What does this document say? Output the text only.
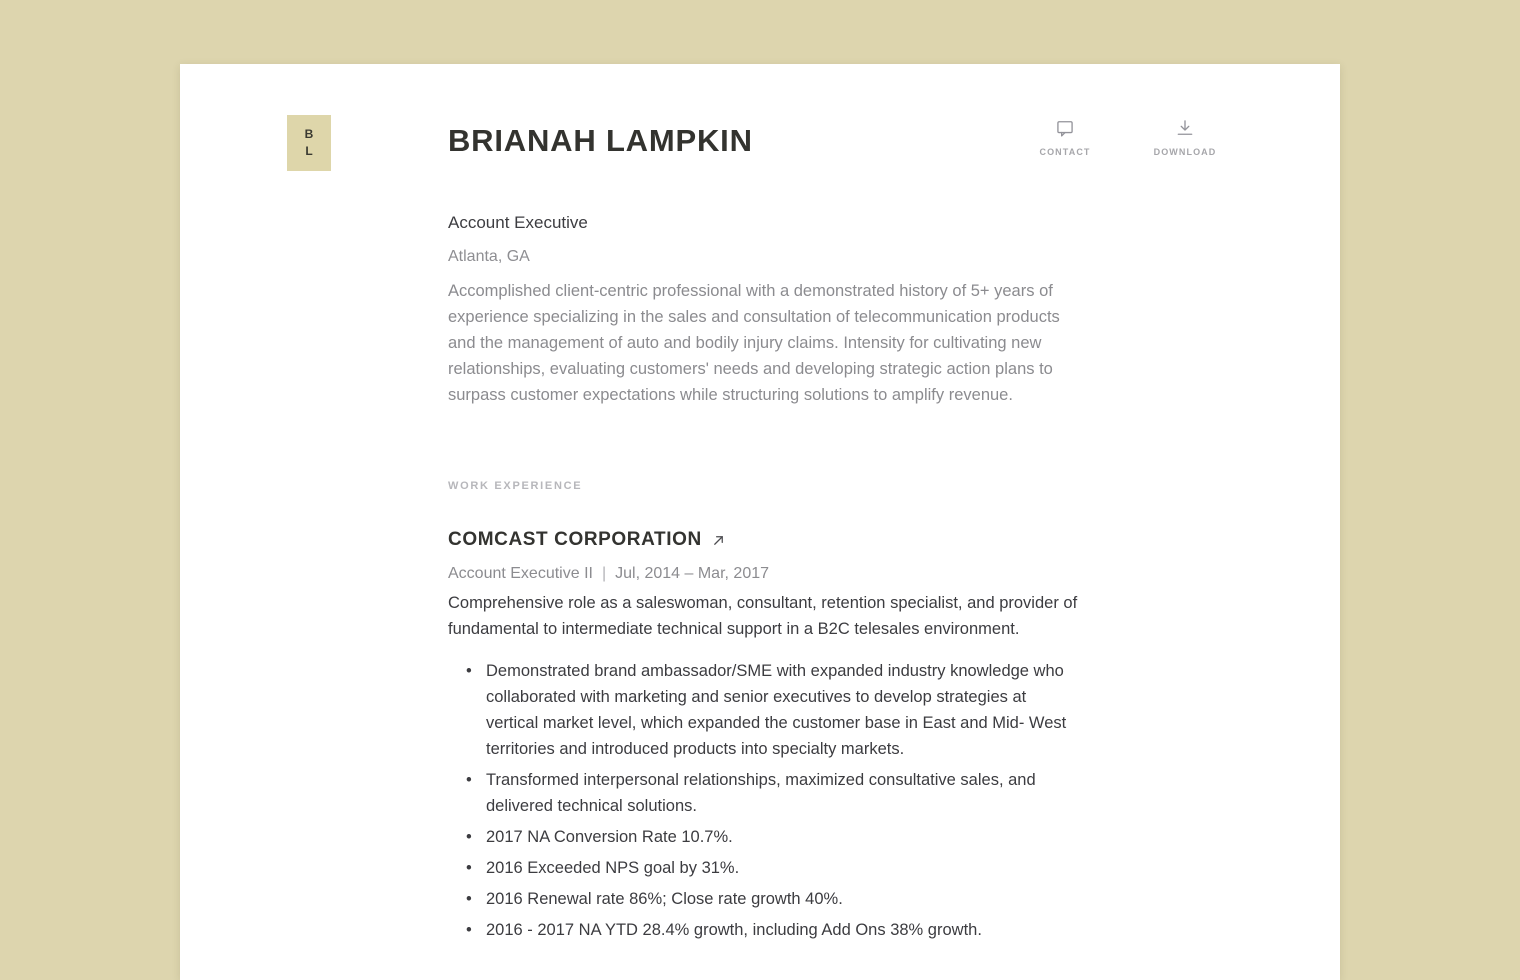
B
L	BRIANAH LAMPKIN	CONTACT	DOWNLOAD
Account Executive
Atlanta, GA

Accomplished client-centric professional with a demonstrated history of 5+ years of experience specializing in the sales and consultation of telecommunication products and the management of auto and bodily injury claims. Intensity for cultivating new relationships, evaluating customers' needs and developing strategic action plans to surpass customer expectations while structuring solutions to amplify revenue.

WORK EXPERIENCE
COMCAST CORPORATION
Account Executive II | Jul, 2014 – Mar, 2017

Comprehensive role as a saleswoman, consultant, retention specialist, and provider of fundamental to intermediate technical support in a B2C telesales environment.

• Demonstrated brand ambassador/SME with expanded industry knowledge who collaborated with marketing and senior executives to develop strategies at vertical market level, which expanded the customer base in East and Mid- West territories and introduced products into specialty markets.
• Transformed interpersonal relationships, maximized consultative sales, and delivered technical solutions.
• 2017 NA Conversion Rate 10.7%.
• 2016 Exceeded NPS goal by 31%.
• 2016 Renewal rate 86%; Close rate growth 40%.
• 2016 - 2017 NA YTD 28.4% growth, including Add Ons 38% growth.
